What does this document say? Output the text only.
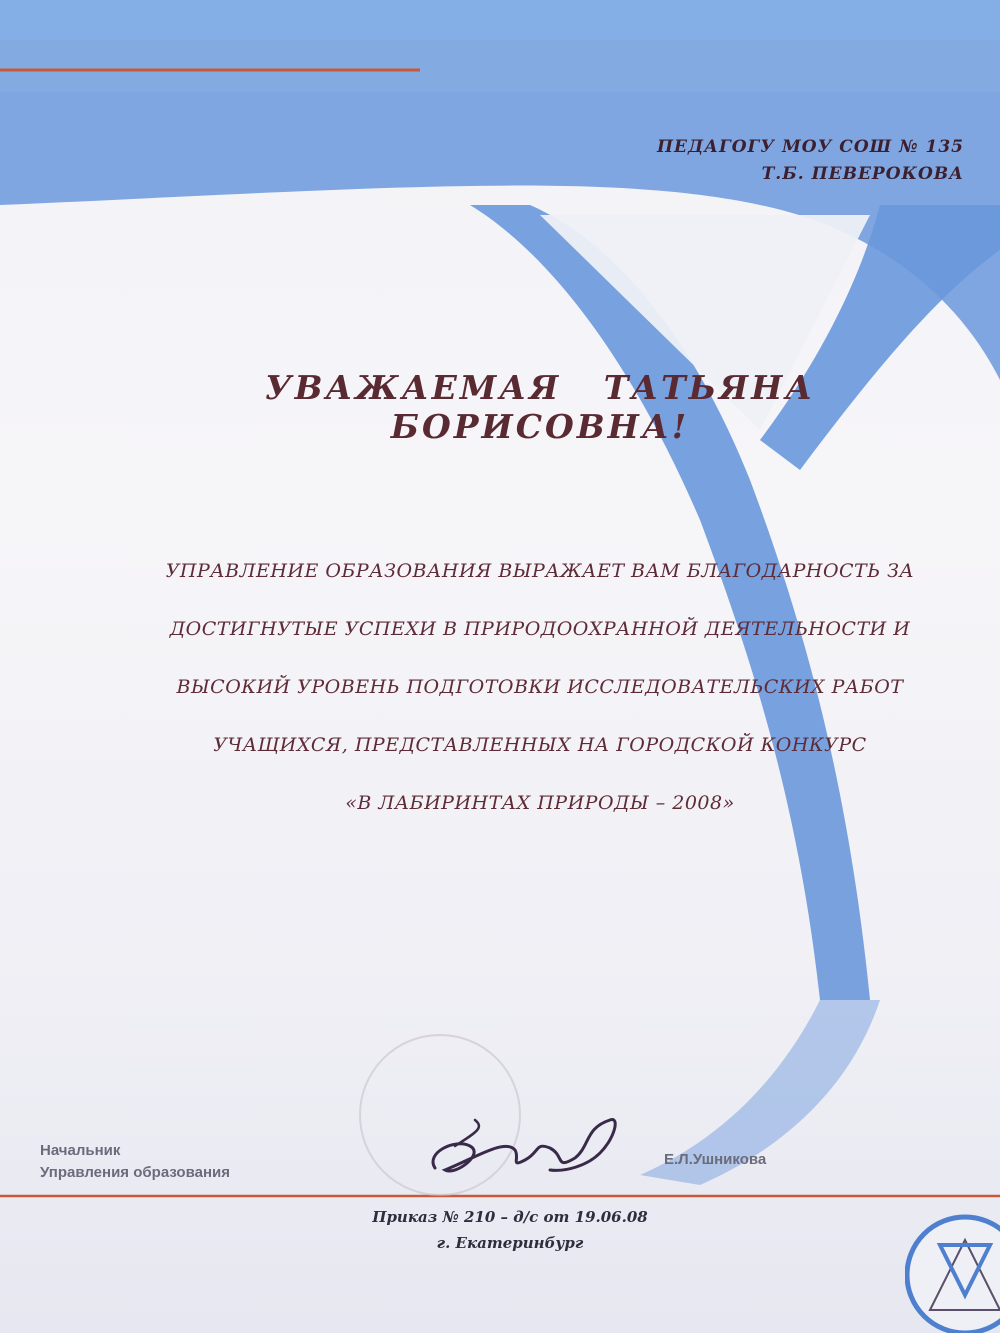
ПЕДАГОГУ МОУ СОШ № 135
Т.Б. ПЕВЕРОКОВА
УВАЖАЕМАЯ ТАТЬЯНА БОРИСОВНА!
УПРАВЛЕНИЕ ОБРАЗОВАНИЯ ВЫРАЖАЕТ ВАМ БЛАГОДАРНОСТЬ ЗА
ДОСТИГНУТЫЕ УСПЕХИ В ПРИРОДООХРАННОЙ ДЕЯТЕЛЬНОСТИ И
ВЫСОКИЙ УРОВЕНЬ ПОДГОТОВКИ ИССЛЕДОВАТЕЛЬСКИХ РАБОТ
УЧАЩИХСЯ, ПРЕДСТАВЛЕННЫХ НА ГОРОДСКОЙ КОНКУРС
«В ЛАБИРИНТАХ ПРИРОДЫ – 2008»
Начальник
Управления образования
Е.Л.Ушникова
Приказ № 210 – д/с от 19.06.08
г. Екатеринбург
